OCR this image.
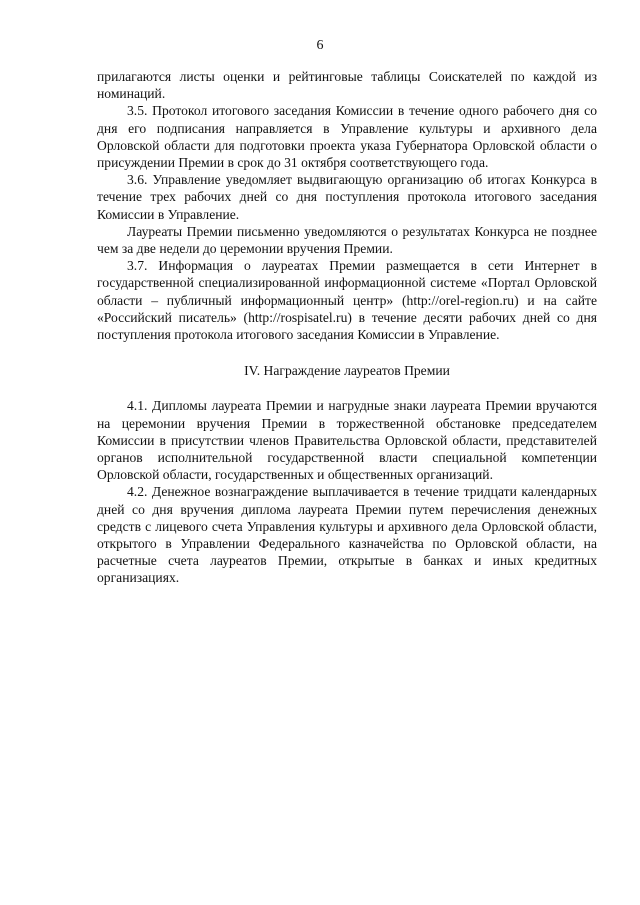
6

прилагаются листы оценки и рейтинговые таблицы Соискателей по каждой из номинаций.

3.5. Протокол итогового заседания Комиссии в течение одного рабочего дня со дня его подписания направляется в Управление культуры и архивного дела Орловской области для подготовки проекта указа Губернатора Орловской области о присуждении Премии в срок до 31 октября соответствующего года.

3.6. Управление уведомляет выдвигающую организацию об итогах Конкурса в течение трех рабочих дней со дня поступления протокола итогового заседания Комиссии в Управление.

Лауреаты Премии письменно уведомляются о результатах Конкурса не позднее чем за две недели до церемонии вручения Премии.

3.7. Информация о лауреатах Премии размещается в сети Интернет в государственной специализированной информационной системе «Портал Орловской области – публичный информационный центр» (http://orel-region.ru) и на сайте «Российский писатель» (http://rospisatel.ru) в течение десяти рабочих дней со дня поступления протокола итогового заседания Комиссии в Управление.

IV. Награждение лауреатов Премии

4.1. Дипломы лауреата Премии и нагрудные знаки лауреата Премии вручаются на церемонии вручения Премии в торжественной обстановке председателем Комиссии в присутствии членов Правительства Орловской области, представителей органов исполнительной государственной власти специальной компетенции Орловской области, государственных и общественных организаций.

4.2. Денежное вознаграждение выплачивается в течение тридцати календарных дней со дня вручения диплома лауреата Премии путем перечисления денежных средств с лицевого счета Управления культуры и архивного дела Орловской области, открытого в Управлении Федерального казначейства по Орловской области, на расчетные счета лауреатов Премии, открытые в банках и иных кредитных организациях.
